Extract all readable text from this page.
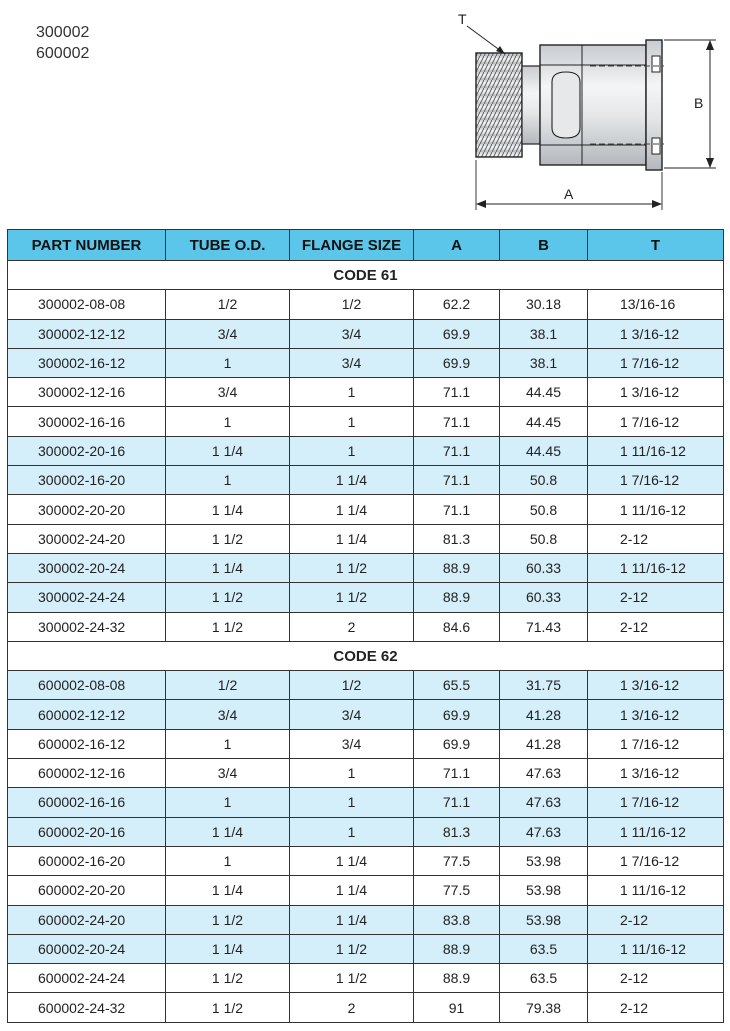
300002
600002
T
B
A
PART NUMBER	TUBE O.D.	FLANGE SIZE	A	B	T
CODE 61					
300002-08-08	1/2	1/2	62.2	30.18	13/16-16
300002-12-12	3/4	3/4	69.9	38.1	1 3/16-12
300002-16-12	1	3/4	69.9	38.1	1 7/16-12
300002-12-16	3/4	1	71.1	44.45	1 3/16-12
300002-16-16	1	1	71.1	44.45	1 7/16-12
300002-20-16	1 1/4	1	71.1	44.45	1 11/16-12
300002-16-20	1	1 1/4	71.1	50.8	1 7/16-12
300002-20-20	1 1/4	1 1/4	71.1	50.8	1 11/16-12
300002-24-20	1 1/2	1 1/4	81.3	50.8	2-12
300002-20-24	1 1/4	1 1/2	88.9	60.33	1 11/16-12
300002-24-24	1 1/2	1 1/2	88.9	60.33	2-12
300002-24-32	1 1/2	2	84.6	71.43	2-12
CODE 62					
600002-08-08	1/2	1/2	65.5	31.75	1 3/16-12
600002-12-12	3/4	3/4	69.9	41.28	1 3/16-12
600002-16-12	1	3/4	69.9	41.28	1 7/16-12
600002-12-16	3/4	1	71.1	47.63	1 3/16-12
600002-16-16	1	1	71.1	47.63	1 7/16-12
600002-20-16	1 1/4	1	81.3	47.63	1 11/16-12
600002-16-20	1	1 1/4	77.5	53.98	1 7/16-12
600002-20-20	1 1/4	1 1/4	77.5	53.98	1 11/16-12
600002-24-20	1 1/2	1 1/4	83.8	53.98	2-12
600002-20-24	1 1/4	1 1/2	88.9	63.5	1 11/16-12
600002-24-24	1 1/2	1 1/2	88.9	63.5	2-12
600002-24-32	1 1/2	2	91	79.38	2-12
